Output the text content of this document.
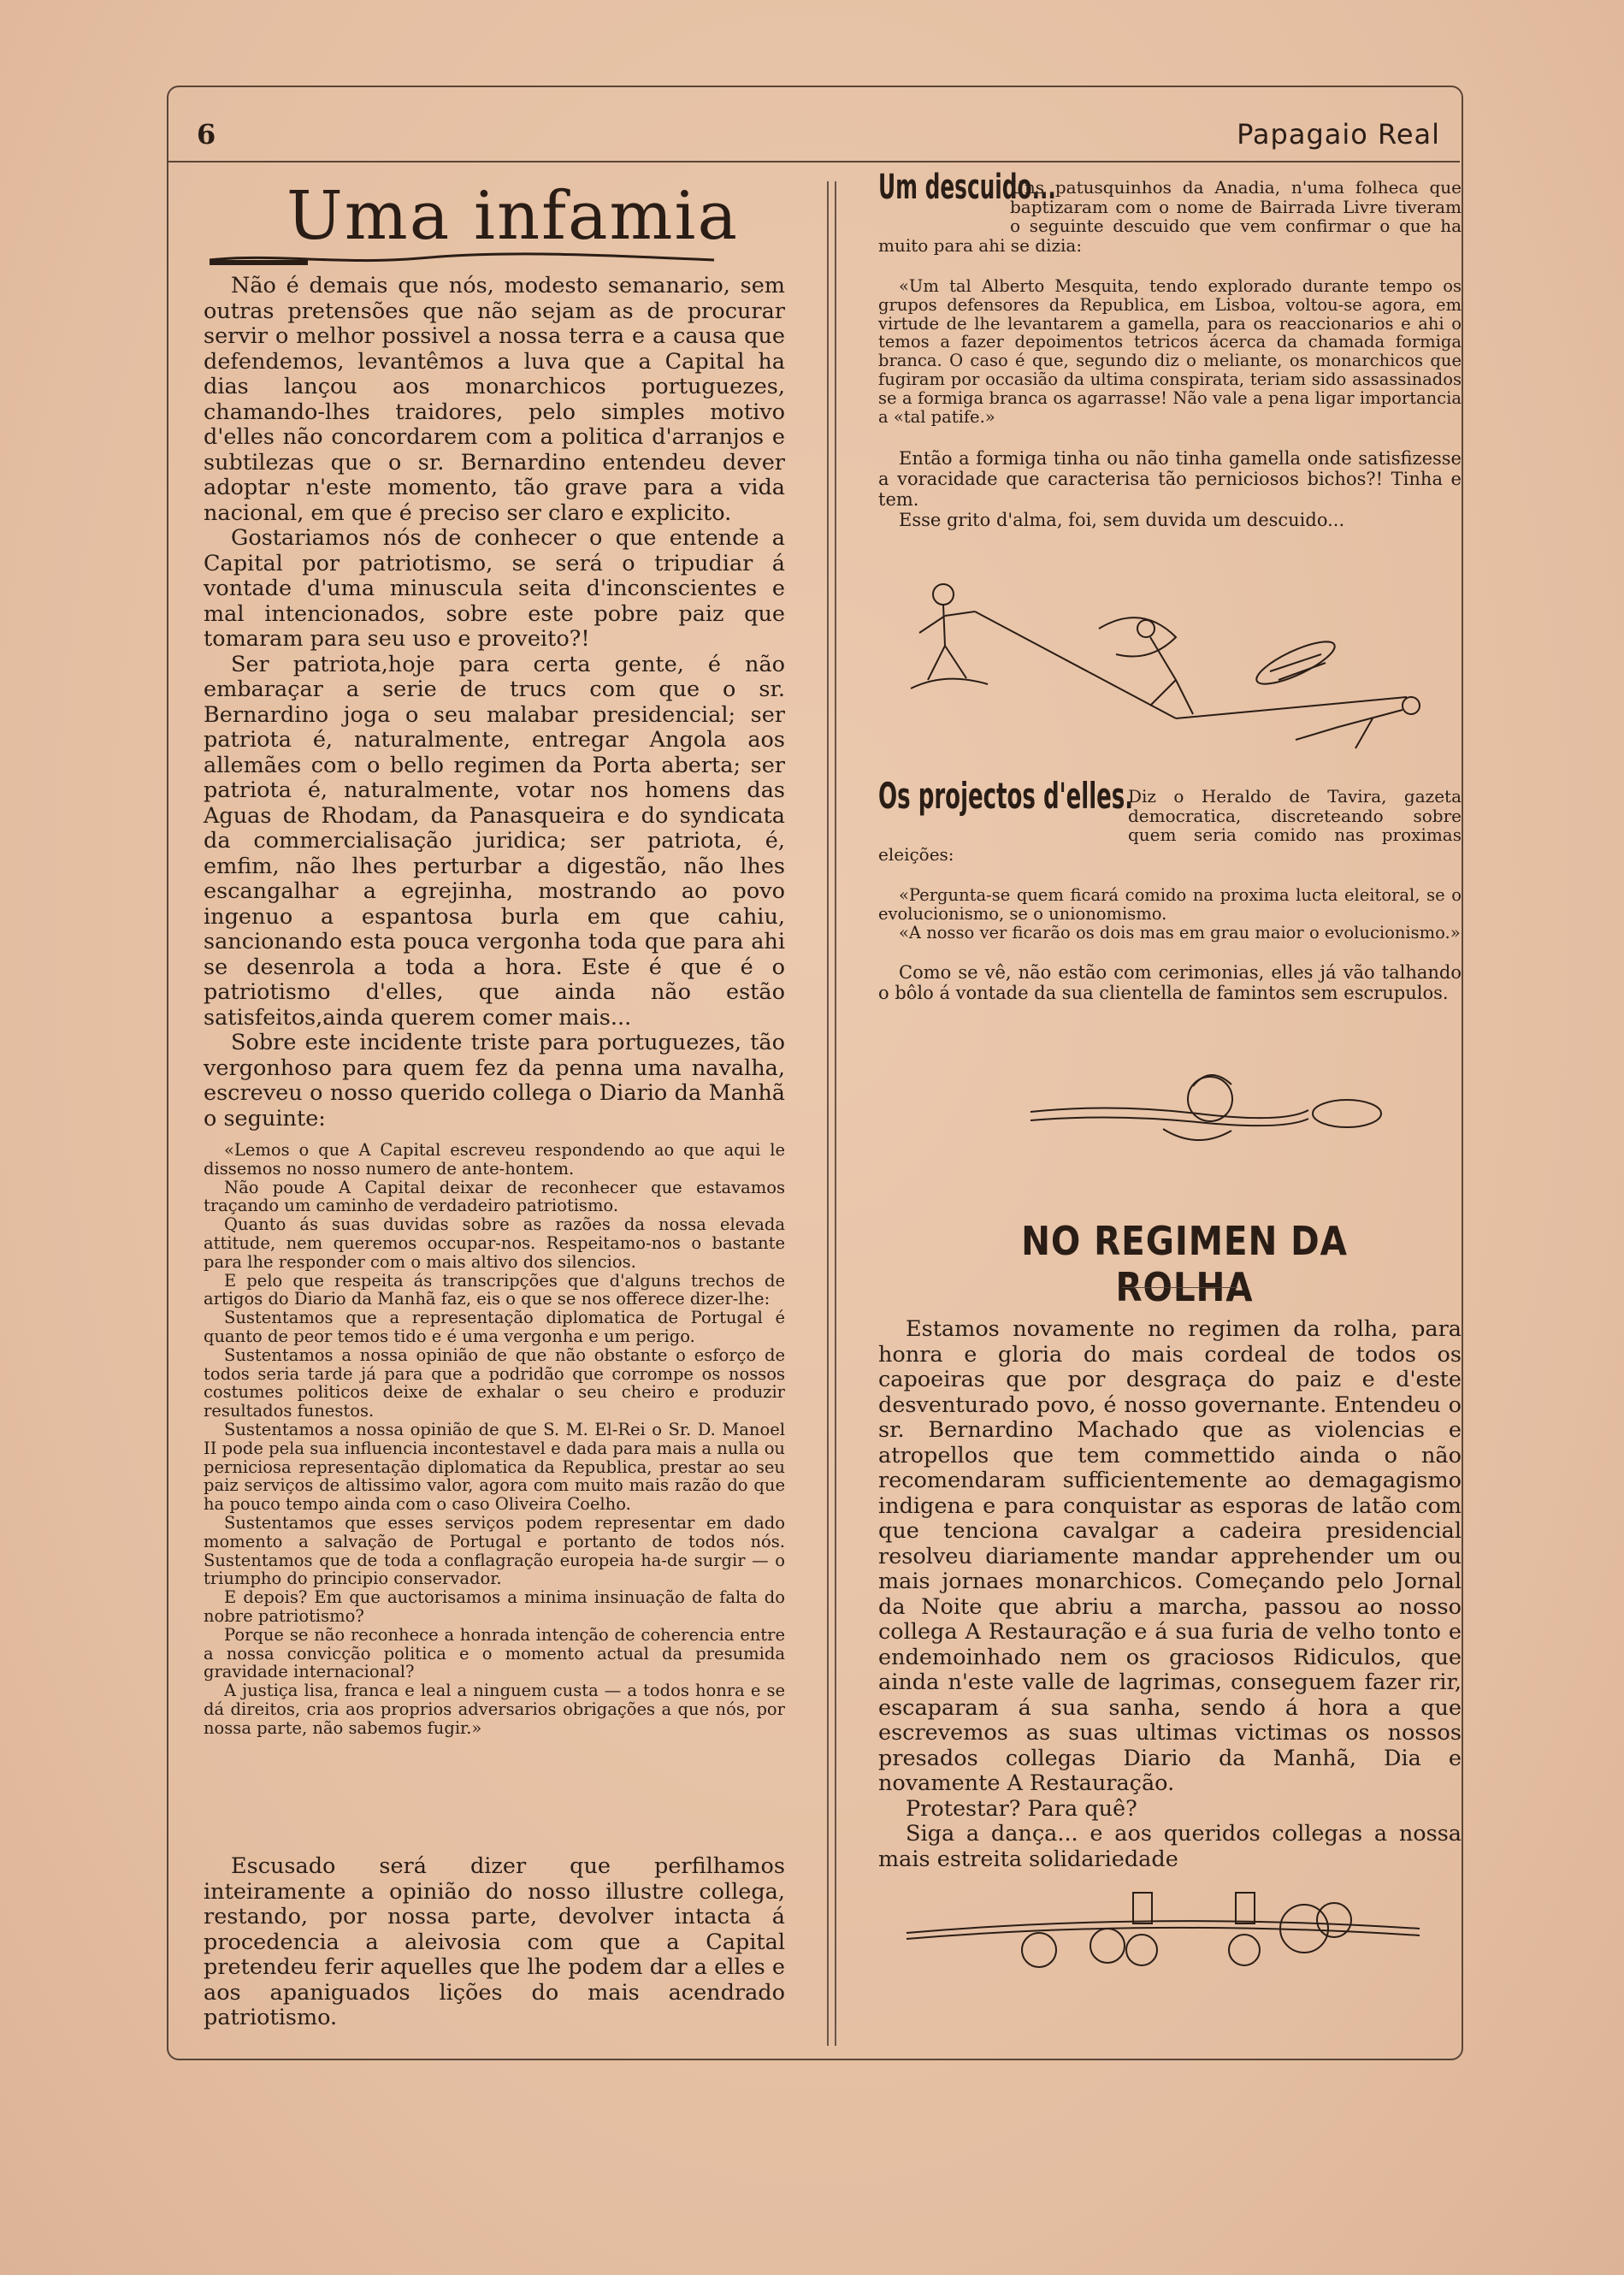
6	Papagaio Real
Uma infamia

Não é demais que nós, modesto semanario, sem outras pretensões que não sejam as de procurar servir o melhor possivel a nossa terra e a causa que defendemos, levantêmos a luva que a Capital ha dias lançou aos monarchicos portuguezes, chamando-lhes traidores, pelo simples motivo d'elles não concordarem com a politica d'arranjos e subtilezas que o sr. Bernardino entendeu dever adoptar n'este momento, tão grave para a vida nacional, em que é preciso ser claro e explicito.

Gostariamos nós de conhecer o que entende a Capital por patriotismo, se será o tripudiar á vontade d'uma minuscula seita d'inconscientes e mal intencionados, sobre este pobre paiz que tomaram para seu uso e proveito?!

Ser patriota,hoje para certa gente, é não embaraçar a serie de trucs com que o sr. Bernardino joga o seu malabar presidencial; ser patriota é, naturalmente, entregar Angola aos allemães com o bello regimen da Porta aberta; ser patriota é, naturalmente, votar nos homens das Aguas de Rhodam, da Panasqueira e do syndicata da commercialisação juridica; ser patriota, é, emfim, não lhes perturbar a digestão, não lhes escangalhar a egrejinha, mostrando ao povo ingenuo a espantosa burla em que cahiu, sancionando esta pouca vergonha toda que para ahi se desenrola a toda a hora. Este é que é o patriotismo d'elles, que ainda não estão satisfeitos,ainda querem comer mais...

Sobre este incidente triste para portuguezes, tão vergonhoso para quem fez da penna uma navalha, escreveu o nosso querido collega o Diario da Manhã o seguinte:

«Lemos o que A Capital escreveu respondendo ao que aqui le dissemos no nosso numero de ante-hontem.

Não poude A Capital deixar de reconhecer que estavamos traçando um caminho de verdadeiro patriotismo.

Quanto ás suas duvidas sobre as razões da nossa elevada attitude, nem queremos occupar-nos. Respeitamo-nos o bastante para lhe responder com o mais altivo dos silencios.

E pelo que respeita ás transcripções que d'alguns trechos de artigos do Diario da Manhã faz, eis o que se nos offerece dizer-lhe:

Sustentamos que a representação diplomatica de Portugal é quanto de peor temos tido e é uma vergonha e um perigo.

Sustentamos a nossa opinião de que não obstante o esforço de todos seria tarde já para que a podridão que corrompe os nossos costumes politicos deixe de exhalar o seu cheiro e produzir resultados funestos.

Sustentamos a nossa opinião de que S. M. El-Rei o Sr. D. Manoel II pode pela sua influencia incontestavel e dada para mais a nulla ou perniciosa representação diplomatica da Republica, prestar ao seu paiz serviços de altissimo valor, agora com muito mais razão do que ha pouco tempo ainda com o caso Oliveira Coelho.

Sustentamos que esses serviços podem representar em dado momento a salvação de Portugal e portanto de todos nós. Sustentamos que de toda a conflagração europeia ha-de surgir — o triumpho do principio conservador.

E depois? Em que auctorisamos a minima insinuação de falta do nobre patriotismo?

Porque se não reconhece a honrada intenção de coherencia entre a nossa convicção politica e o momento actual da presumida gravidade internacional?

A justiça lisa, franca e leal a ninguem custa — a todos honra e se dá direitos, cria aos proprios adversarios obrigações a que nós, por nossa parte, não sabemos fugir.»

Escusado será dizer que perfilhamos inteiramente a opinião do nosso illustre collega, restando, por nossa parte, devolver intacta á procedencia a aleivosia com que a Capital pretendeu ferir aquelles que lhe podem dar a elles e aos apaniguados lições do mais acendrado patriotismo.

Um descuido...
Uns patusquinhos da Anadia, n'uma folheca que baptizaram com o nome de Bairrada Livre tiveram o seguinte descuido que vem confirmar o que ha muito para ahi se dizia:

«Um tal Alberto Mesquita, tendo explorado durante tempo os grupos defensores da Republica, em Lisboa, voltou-se agora, em virtude de lhe levantarem a gamella, para os reaccionarios e ahi o temos a fazer depoimentos tetricos ácerca da chamada formiga branca. O caso é que, segundo diz o meliante, os monarchicos que fugiram por occasião da ultima conspirata, teriam sido assassinados se a formiga branca os agarrasse! Não vale a pena ligar importancia a «tal patife.»

Então a formiga tinha ou não tinha gamella onde satisfizesse a voracidade que caracterisa tão perniciosos bichos?! Tinha e tem.

Esse grito d'alma, foi, sem duvida um descuido...

Os projectos d'elles.
Diz o Heraldo de Tavira, gazeta democratica, discreteando sobre quem seria comido nas proximas eleições:

«Pergunta-se quem ficará comido na proxima lucta eleitoral, se o evolucionismo, se o unionomismo.

«A nosso ver ficarão os dois mas em grau maior o evolucionismo.»

Como se vê, não estão com cerimonias, elles já vão talhando o bôlo á vontade da sua clientella de famintos sem escrupulos.

NO REGIMEN DA ROLHA

Estamos novamente no regimen da rolha, para honra e gloria do mais cordeal de todos os capoeiras que por desgraça do paiz e d'este desventurado povo, é nosso governante. Entendeu o sr. Bernardino Machado que as violencias e atropellos que tem commettido ainda o não recomendaram sufficientemente ao demagagismo indigena e para conquistar as esporas de latão com que tenciona cavalgar a cadeira presidencial resolveu diariamente mandar apprehender um ou mais jornaes monarchicos. Começando pelo Jornal da Noite que abriu a marcha, passou ao nosso collega A Restauração e á sua furia de velho tonto e endemoinhado nem os graciosos Ridiculos, que ainda n'este valle de lagrimas, conseguem fazer rir, escaparam á sua sanha, sendo á hora a que escrevemos as suas ultimas victimas os nossos presados collegas Diario da Manhã, Dia e novamente A Restauração.

Protestar? Para quê?

Siga a dança... e aos queridos collegas a nossa mais estreita solidariedade
